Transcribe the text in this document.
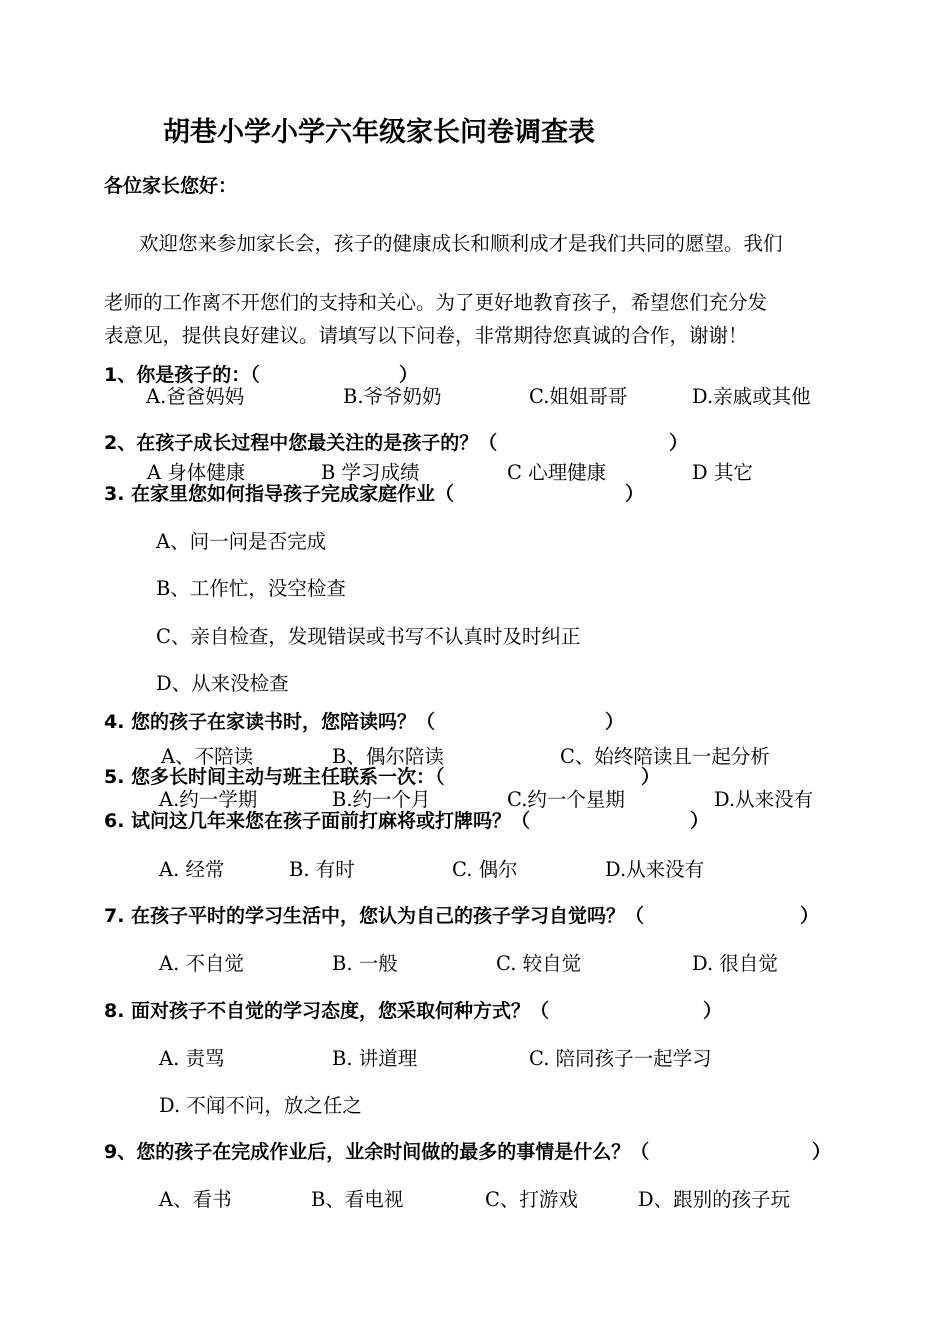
胡巷小学小学六年级家长问卷调查表
各位家长您好：
欢迎您来参加家长会，孩子的健康成长和顺利成才是我们共同的愿望。我们
老师的工作离不开您们的支持和关心。为了更好地教育孩子，希望您们充分发
表意见，提供良好建议。请填写以下问卷，非常期待您真诚的合作，谢谢！
1、你是孩子的：（	）
A.爸爸妈妈	B.爷爷奶奶	C.姐姐哥哥	D.亲戚或其他
2、在孩子成长过程中您最关注的是孩子的？（	）
A 身体健康	B 学习成绩	C 心理健康	D 其它
3. 在家里您如何指导孩子完成家庭作业（	）
A、问一问是否完成
B、工作忙，没空检查
C、亲自检查，发现错误或书写不认真时及时纠正
D、从来没检查
4. 您的孩子在家读书时，您陪读吗？（	）
A、不陪读	B、偶尔陪读	C、始终陪读且一起分析
5. 您多长时间主动与班主任联系一次：（	）
A.约一学期	B.约一个月	C.约一个星期	D.从来没有
6. 试问这几年来您在孩子面前打麻将或打牌吗？（	）
A. 经常	B. 有时	C. 偶尔	D.从来没有
7. 在孩子平时的学习生活中，您认为自己的孩子学习自觉吗？（	）
A. 不自觉	B. 一般	C. 较自觉	D. 很自觉
8. 面对孩子不自觉的学习态度，您采取何种方式？（	）
A. 责骂	B. 讲道理	C. 陪同孩子一起学习
D. 不闻不问，放之任之
9、您的孩子在完成作业后，业余时间做的最多的事情是什么？（	）
A、看书	B、看电视	C、打游戏	D、跟别的孩子玩
